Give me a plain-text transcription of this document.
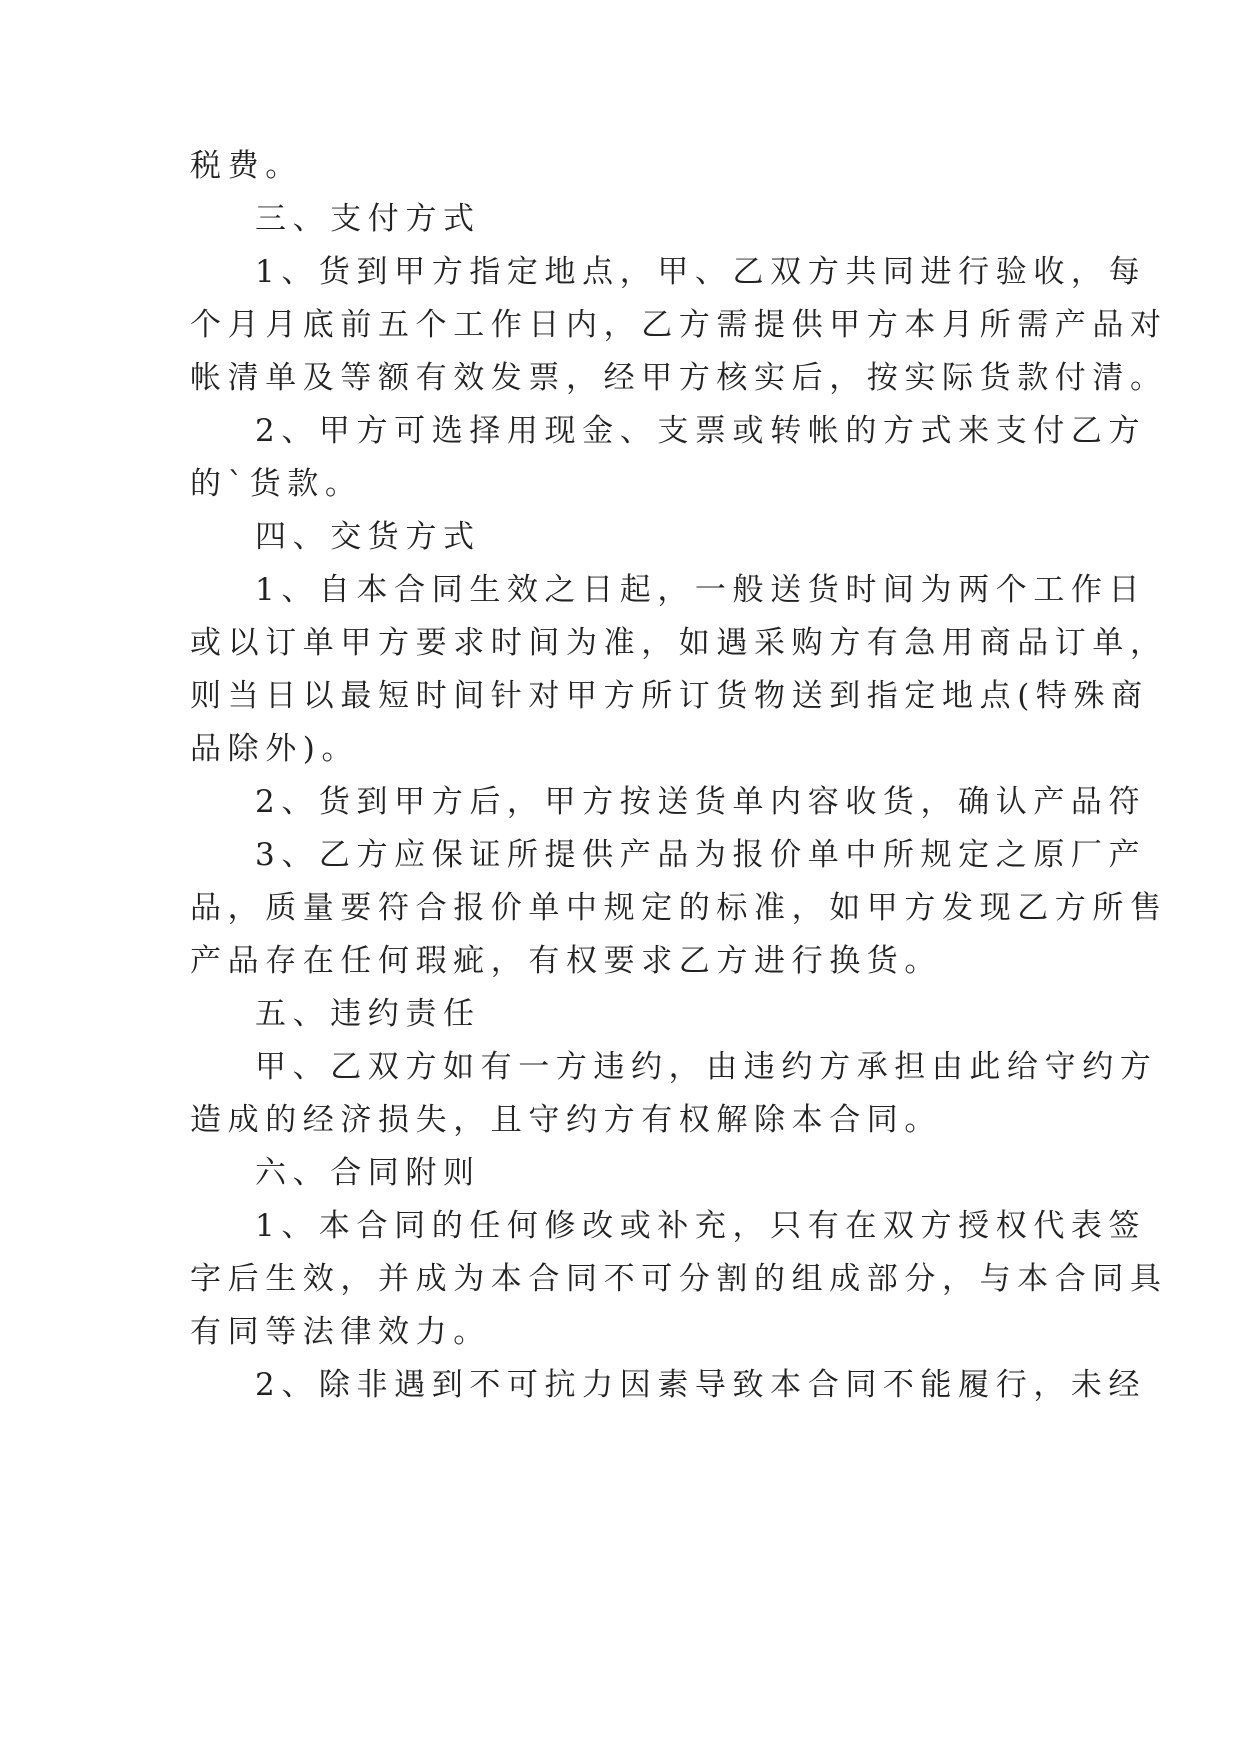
税费。

三、支付方式

1、货到甲方指定地点，甲、乙双方共同进行验收，每

个月月底前五个工作日内，乙方需提供甲方本月所需产品对

帐清单及等额有效发票，经甲方核实后，按实际货款付清。

2、甲方可选择用现金、支票或转帐的方式来支付乙方

的`货款。

四、交货方式

1、自本合同生效之日起，一般送货时间为两个工作日

或以订单甲方要求时间为准，如遇采购方有急用商品订单，

则当日以最短时间针对甲方所订货物送到指定地点(特殊商

品除外)。

2、货到甲方后，甲方按送货单内容收货，确认产品符

3、乙方应保证所提供产品为报价单中所规定之原厂产

品，质量要符合报价单中规定的标准，如甲方发现乙方所售

产品存在任何瑕疵，有权要求乙方进行换货。

五、违约责任

甲、乙双方如有一方违约，由违约方承担由此给守约方

造成的经济损失，且守约方有权解除本合同。

六、合同附则

1、本合同的任何修改或补充，只有在双方授权代表签

字后生效，并成为本合同不可分割的组成部分，与本合同具

有同等法律效力。

2、除非遇到不可抗力因素导致本合同不能履行，未经
